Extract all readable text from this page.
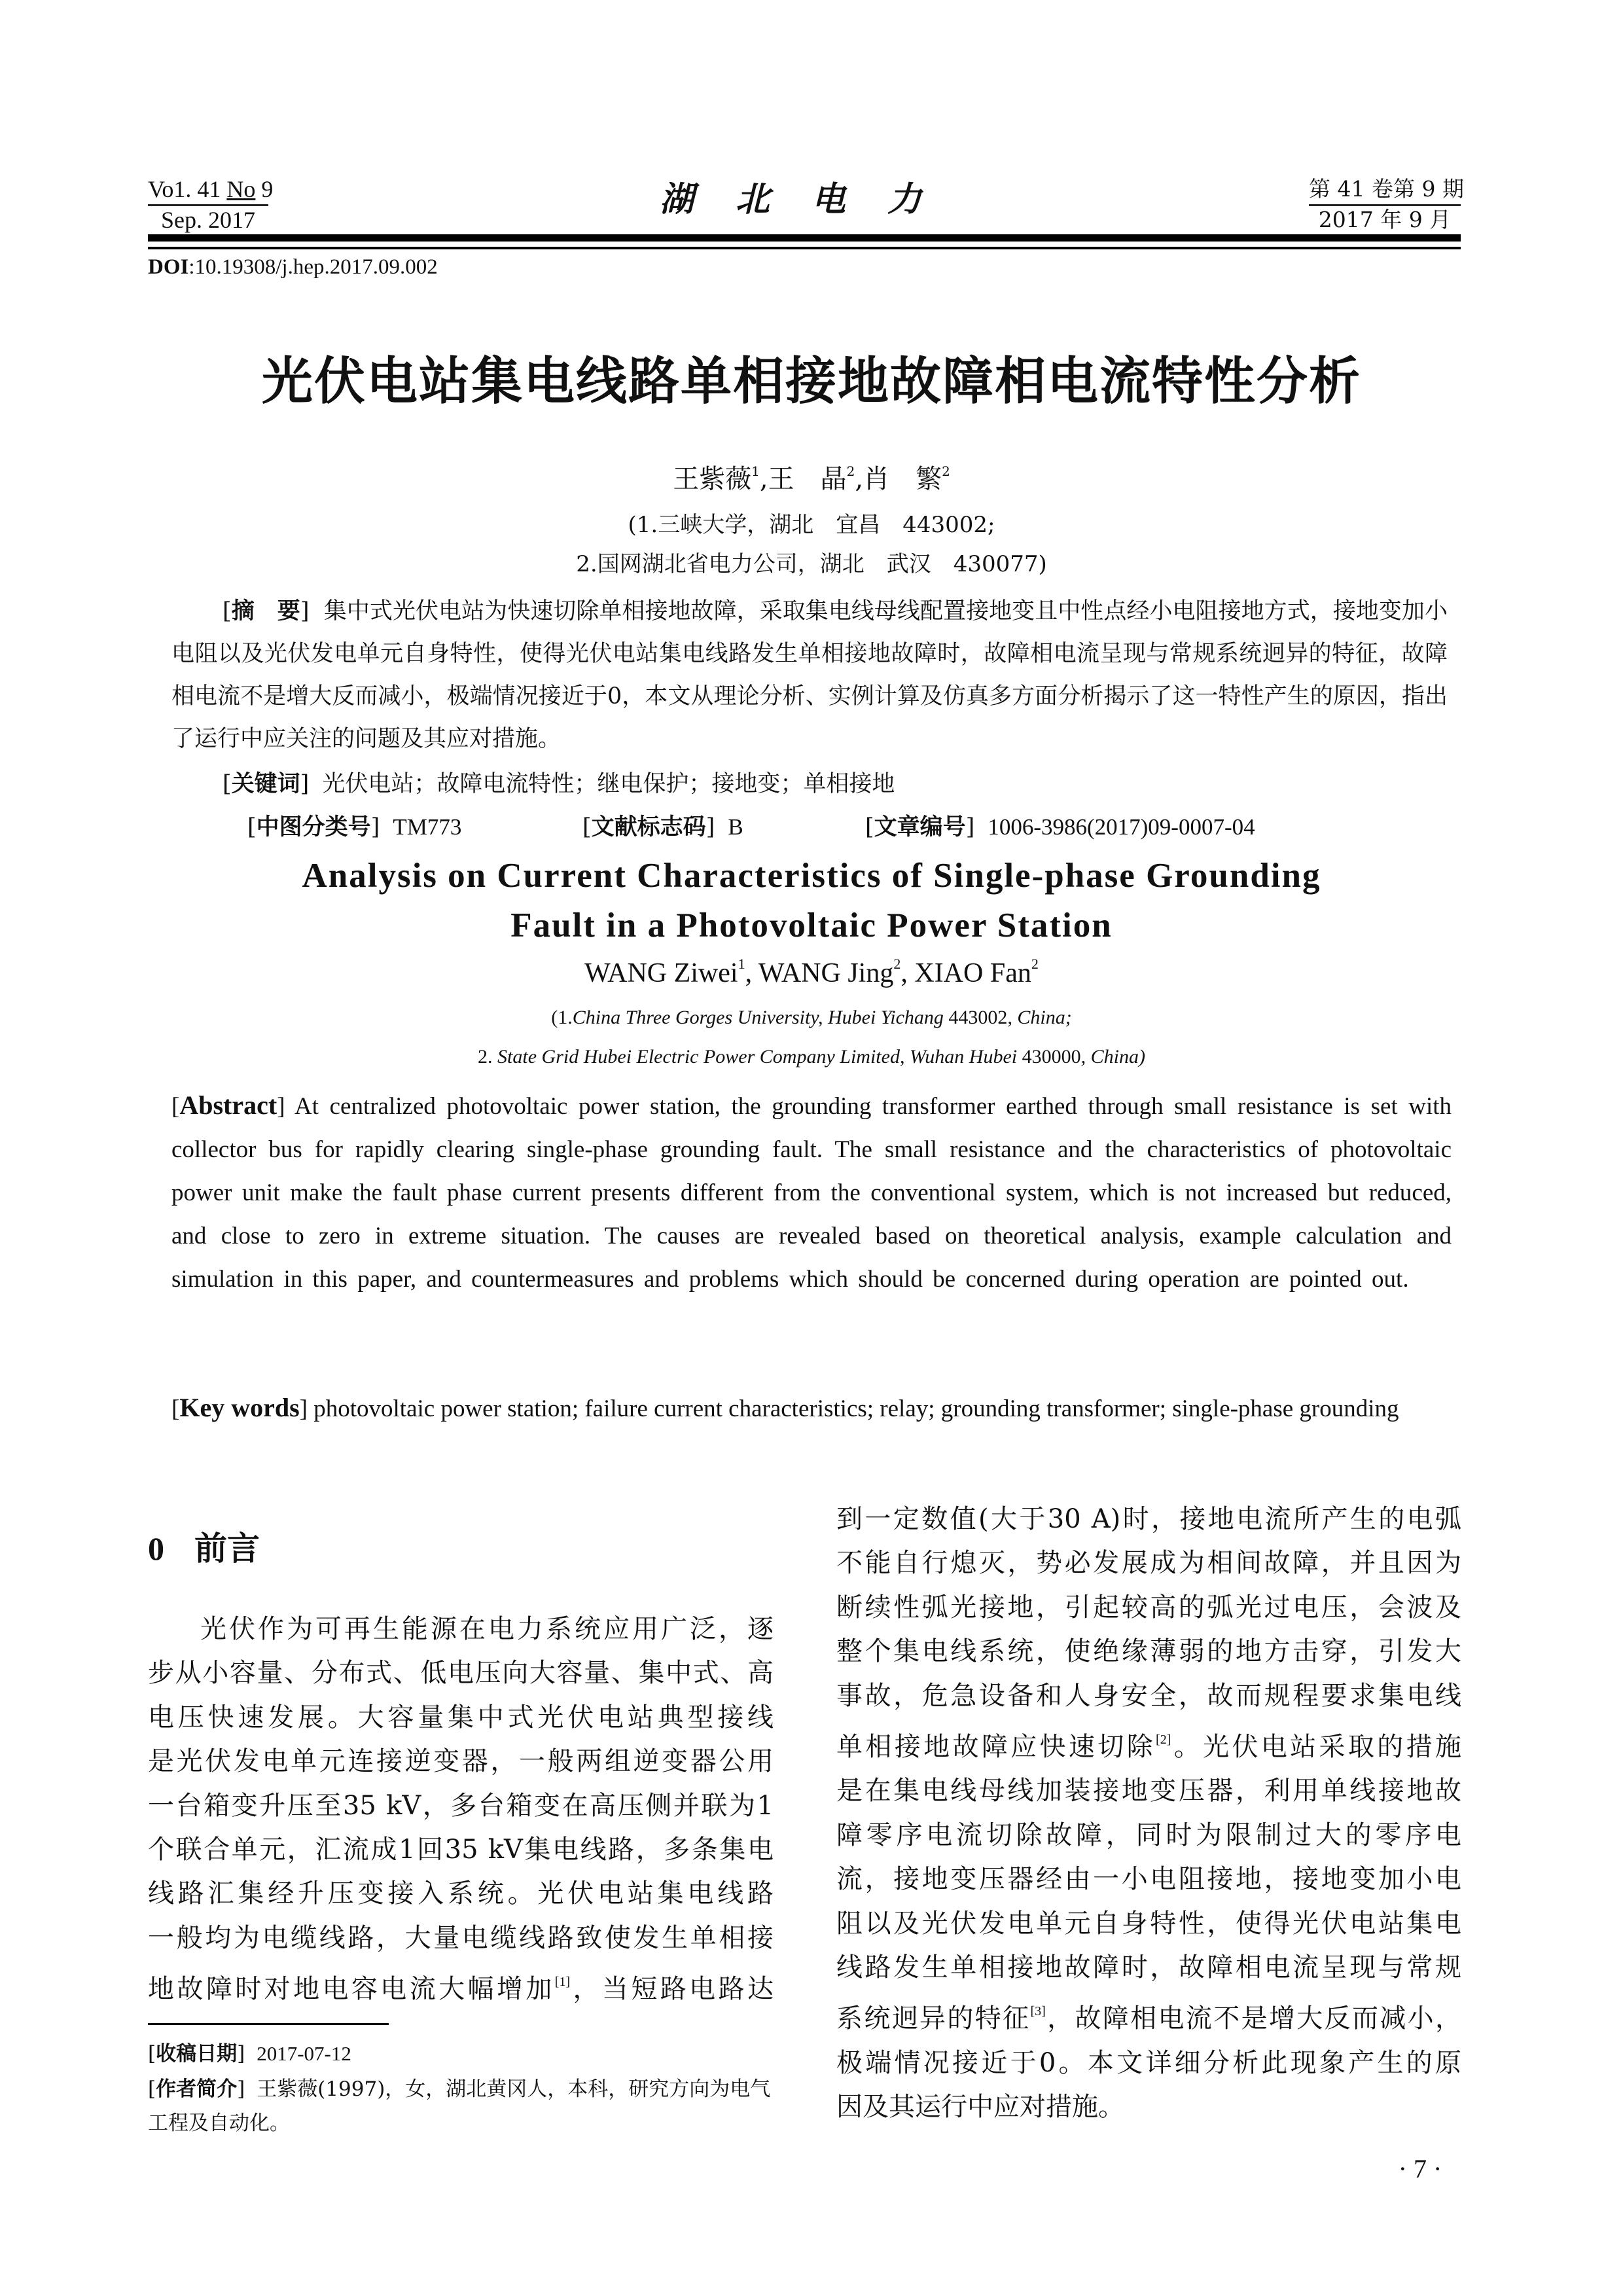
Vo1. 41 No 9
Sep. 2017
湖北电力	第 41 卷第 9 期
2017 年 9 月
DOI:10.19308/j.hep.2017.09.002
光伏电站集电线路单相接地故障相电流特性分析
王紫薇$^1$,王　晶$^2$,肖　繁$^2$
(1.三峡大学，湖北　宜昌　443002;
2.国网湖北省电力公司，湖北　武汉　430077)
[摘　要] 集中式光伏电站为快速切除单相接地故障，采取集电线母线配置接地变且中性点经小电阻接地方式，接地变加小电阻以及光伏发电单元自身特性，使得光伏电站集电线路发生单相接地故障时，故障相电流呈现与常规系统迥异的特征，故障相电流不是增大反而减小，极端情况接近于0，本文从理论分析、实例计算及仿真多方面分析揭示了这一特性产生的原因，指出了运行中应关注的问题及其应对措施。
[关键词] 光伏电站；故障电流特性；继电保护；接地变；单相接地
[中图分类号] TM773	[文献标志码] B	[文章编号] 1006-3986(2017)09-0007-04
Analysis on Current Characteristics of Single-phase Grounding
Fault in a Photovoltaic Power Station
WANG Ziwei$^1$, WANG Jing$^2$, XIAO Fan$^2$
(1.China Three Gorges University, Hubei Yichang 443002, China;
2. State Grid Hubei Electric Power Company Limited, Wuhan Hubei 430000, China)
[Abstract] At centralized photovoltaic power station, the grounding transformer earthed through small resistance is set with collector bus for rapidly clearing single-phase grounding fault. The small resistance and the characteristics of photovoltaic power unit make the fault phase current presents different from the conventional system, which is not increased but reduced, and close to zero in extreme situation. The causes are revealed based on theoretical analysis, example calculation and simulation in this paper, and countermeasures and problems which should be concerned during operation are pointed out.
[Key words] photovoltaic power station; failure current characteristics; relay; grounding transformer; single-phase grounding
0 前言

光伏作为可再生能源在电力系统应用广泛，逐

步从小容量、分布式、低电压向大容量、集中式、高

电压快速发展。大容量集中式光伏电站典型接线

是光伏发电单元连接逆变器，一般两组逆变器公用

一台箱变升压至35 kV，多台箱变在高压侧并联为1

个联合单元，汇流成1回35 kV集电线路，多条集电

线路汇集经升压变接入系统。光伏电站集电线路

一般均为电缆线路，大量电缆线路致使发生单相接

地故障时对地电容电流大幅增加[1]，当短路电路达

[收稿日期] 2017-07-12
[作者简介] 王紫薇(1997)，女，湖北黄冈人，本科，研究方向为电气工程及自动化。

到一定数值(大于30 A)时，接地电流所产生的电弧

不能自行熄灭，势必发展成为相间故障，并且因为

断续性弧光接地，引起较高的弧光过电压，会波及

整个集电线系统，使绝缘薄弱的地方击穿，引发大

事故，危急设备和人身安全，故而规程要求集电线

单相接地故障应快速切除[2]。光伏电站采取的措施

是在集电线母线加装接地变压器，利用单线接地故

障零序电流切除故障，同时为限制过大的零序电

流，接地变压器经由一小电阻接地，接地变加小电

阻以及光伏发电单元自身特性，使得光伏电站集电

线路发生单相接地故障时，故障相电流呈现与常规

系统迥异的特征[3]，故障相电流不是增大反而减小，

极端情况接近于0。本文详细分析此现象产生的原

因及其运行中应对措施。

· 7 ·
